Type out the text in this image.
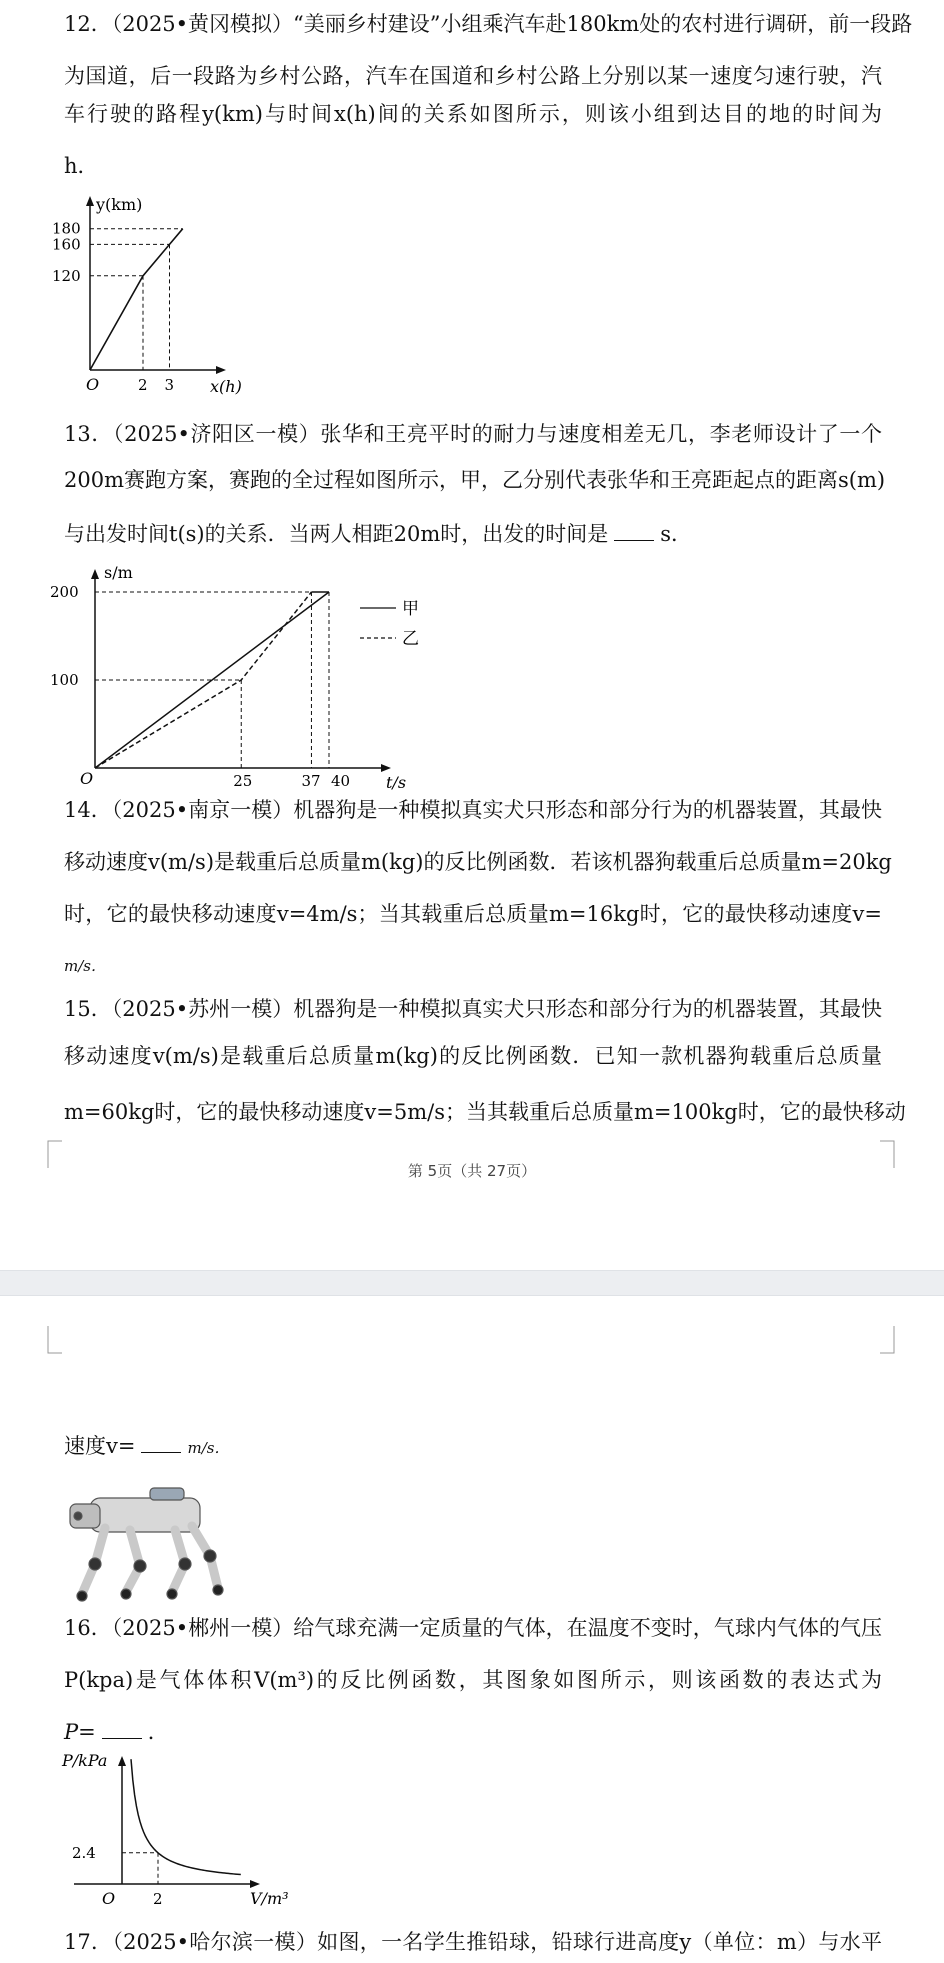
12．（2025•黄冈模拟）“美丽乡村建设”小组乘汽车赴180km处的农村进行调研，前一段路
为国道，后一段路为乡村公路，汽车在国道和乡村公路上分别以某一速度匀速行驶，汽
车行驶的路程y(km)与时间x(h)间的关系如图所示，则该小组到达目的地的时间为
h．
y(km)
x(h)
O
120
160
180
2 3
13．（2025•济阳区一模）张华和王亮平时的耐力与速度相差无几，李老师设计了一个
200m赛跑方案，赛跑的全过程如图所示，甲，乙分别代表张华和王亮距起点的距离s(m)
与出发时间t(s)的关系．当两人相距20m时，出发的时间是 s．
s/m
t/s
O
甲
乙
100
200
25	37 40
14．（2025•南京一模）机器狗是一种模拟真实犬只形态和部分行为的机器装置，其最快
移动速度v(m/s)是载重后总质量m(kg)的反比例函数．若该机器狗载重后总质量m=20kg
时，它的最快移动速度v=4m/s；当其载重后总质量m=16kg时，它的最快移动速度v=
m/s．
15．（2025•苏州一模）机器狗是一种模拟真实犬只形态和部分行为的机器装置，其最快
移动速度v(m/s)是载重后总质量m(kg)的反比例函数．已知一款机器狗载重后总质量
m=60kg时，它的最快移动速度v=5m/s；当其载重后总质量m=100kg时，它的最快移动
第 5页（共 27页）
速度v=	m/s．
16．（2025•郴州一模）给气球充满一定质量的气体，在温度不变时，气球内气体的气压
P(kpa)是气体体积V(m³)的反比例函数，其图象如图所示，则该函数的表达式为
P= ．
P/kPa
V/m³
O
2.4
2
17．（2025•哈尔滨一模）如图，一名学生推铅球，铅球行进高度y（单位：m）与水平
